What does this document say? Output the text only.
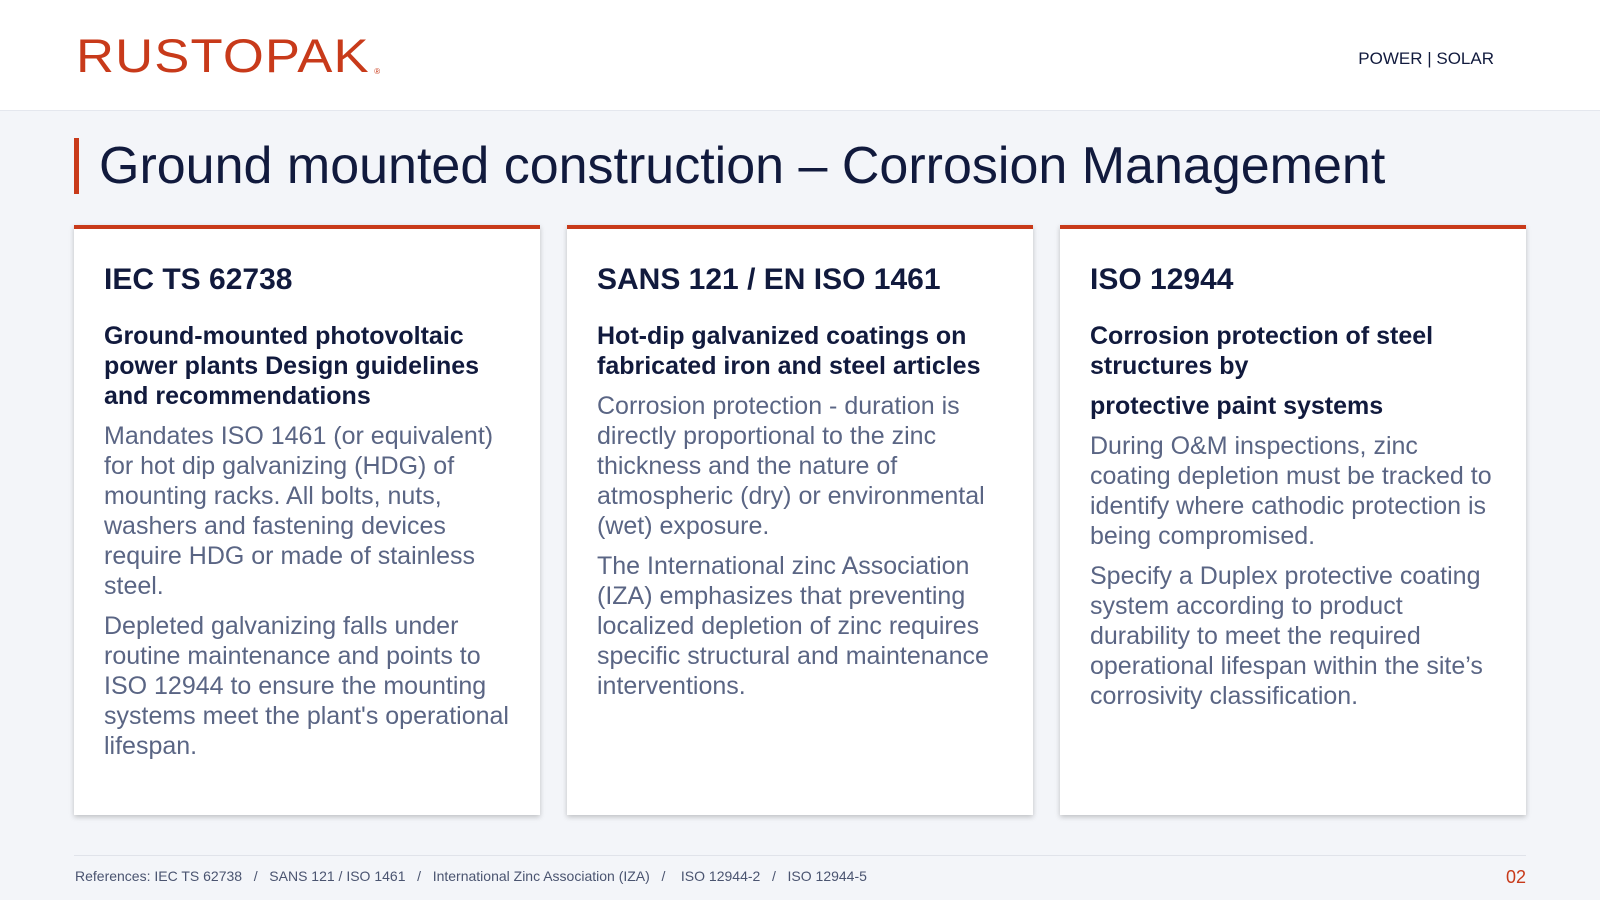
RUSTOPAK ®
POWER | SOLAR
Ground mounted construction – Corrosion Management
IEC TS 62738
Ground-mounted photovoltaic power plants Design guidelines and recommendations

Mandates ISO 1461 (or equivalent) for hot dip galvanizing (HDG) of mounting racks. All bolts, nuts, washers and fastening devices require HDG or made of stainless steel.

Depleted galvanizing falls under routine maintenance and points to ISO 12944 to ensure the mounting systems meet the plant's operational lifespan.

SANS 121 / EN ISO 1461
Hot-dip galvanized coatings on fabricated iron and steel articles

Corrosion protection - duration is directly proportional to the zinc thickness and the nature of atmospheric (dry) or environmental (wet) exposure.

The International zinc Association (IZA) emphasizes that preventing localized depletion of zinc requires specific structural and maintenance interventions.

ISO 12944
Corrosion protection of steel structures by
protective paint systems

During O&M inspections, zinc coating depletion must be tracked to identify where cathodic protection is being compromised.

Specify a Duplex protective coating system according to product durability to meet the required operational lifespan within the site’s corrosivity classification.

References: IEC TS 62738   /   SANS 121 / ISO 1461   /   International Zinc Association (IZA)   /    ISO 12944-2   /   ISO 12944-5	02
